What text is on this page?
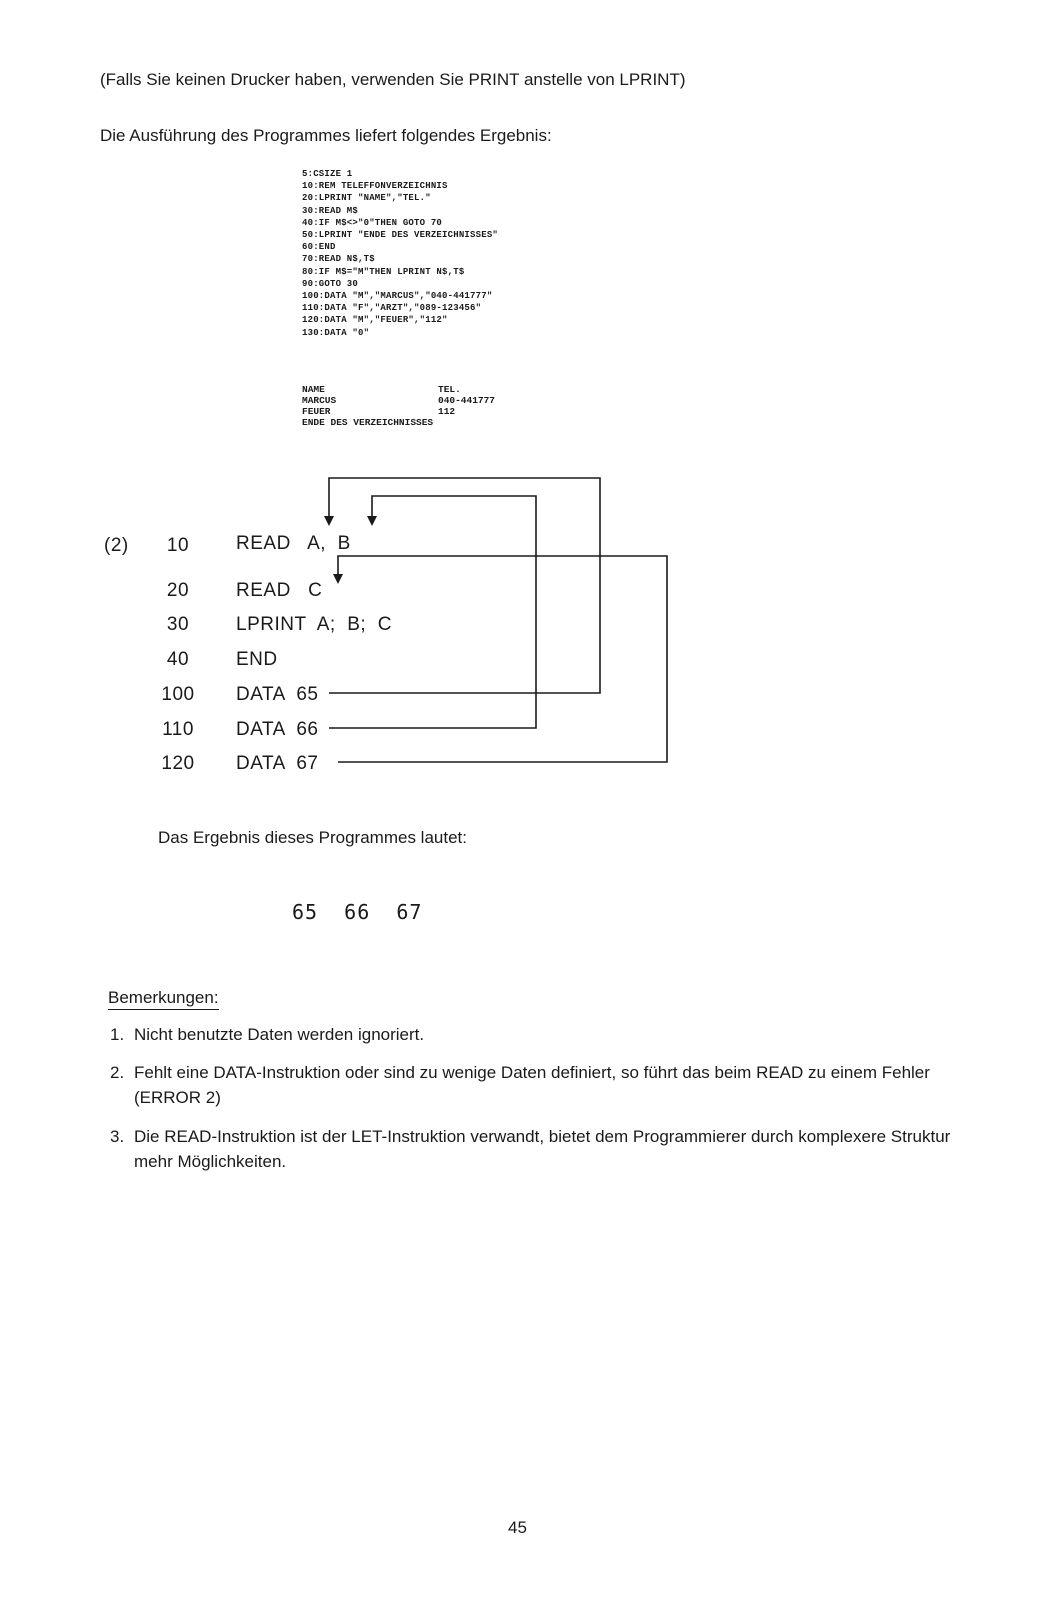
(Falls Sie keinen Drucker haben, verwenden Sie PRINT anstelle von LPRINT)
Die Ausführung des Programmes liefert folgendes Ergebnis:
5:CSIZE 1
10:REM TELEFFONVERZEICHNIS
20:LPRINT "NAME","TEL."
30:READ M$
40:IF M$<>"0"THEN GOTO 70
50:LPRINT "ENDE DES VERZEICHNISSES"
60:END
70:READ N$,T$
80:IF M$="M"THEN LPRINT N$,T$
90:GOTO 30
100:DATA "M","MARCUS","040-441777"
110:DATA "F","ARZT","089-123456"
120:DATA "M","FEUER","112"
130:DATA "0"
NAME	TEL.
MARCUS	040-441777
FEUER	112
ENDE DES VERZEICHNISSES
(2)	10	READ   A,  B
20	READ   C
30	LPRINT  A;  B;  C
40	END
100 DATA  65
110 DATA  66
120 DATA  67
Das Ergebnis dieses Programmes lautet:
65  66  67
Bemerkungen:
1. Nicht benutzte Daten werden ignoriert.
2. Fehlt eine DATA-Instruktion oder sind zu wenige Daten definiert, so führt das beim READ zu einem Fehler (ERROR 2)
3. Die READ-Instruktion ist der LET-Instruktion verwandt, bietet dem Programmierer durch komplexere Struktur mehr Möglichkeiten.
45
